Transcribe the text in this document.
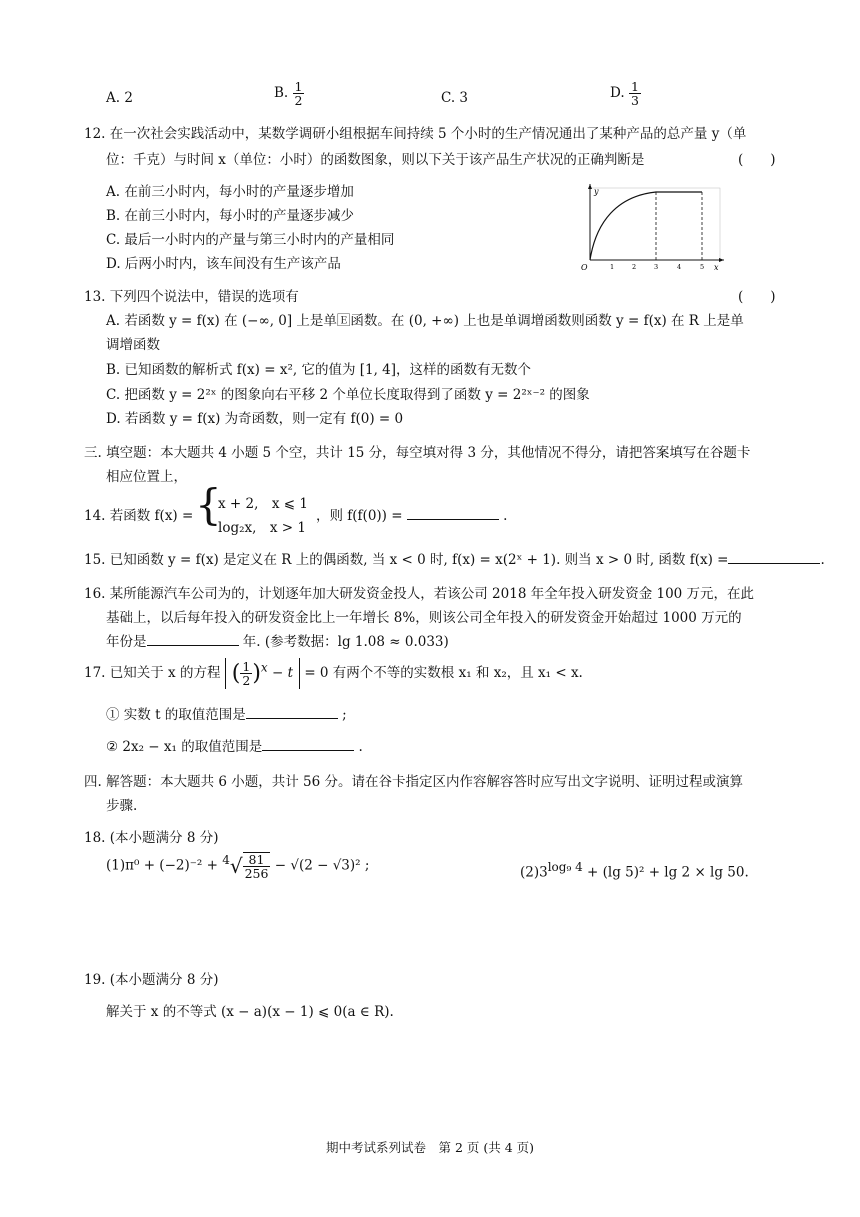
A. 2	B. $\frac{1}{2}$	C. 3	D. $\frac{1}{3}$
12. 在一次社会实践活动中，某数学调研小组根据车间持续 5 个小时的生产情况通出了某种产品的总产量 y（单
位：千克）与时间 x（单位：小时）的函数图象，则以下关于该产品生产状况的正确判断是	(　　)
A. 在前三小时内，每小时的产量逐步增加
B. 在前三小时内，每小时的产量逐步减少
C. 最后一小时内的产量与第三小时内的产量相同
D. 后两小时内，该车间没有生产该产品
y
x
O	1	2	3	4	5
13. 下列四个说法中，错误的选项有	(　　)
A. 若函数 y = f(x) 在 (−∞, 0] 上是单🄴函数。在 (0, +∞) 上也是单调增函数则函数 y = f(x) 在 R 上是单
调增函数
B. 已知函数的解析式 f(x) = x², 它的值为 [1, 4]，这样的函数有无数个
C. 把函数 y = 2²ˣ 的图象向右平移 2 个单位长度取得到了函数 y = 2²ˣ⁻² 的图象
D. 若函数 y = f(x) 为奇函数，则一定有 f(0) = 0
三. 填空题：本大题共 4 小题 5 个空，共计 15 分，每空填对得 3 分，其他情况不得分，请把答案填写在谷题卡
相应位置上，
14. 若函数 f(x) = {
x + 2,　x ⩽ 1
log₂x,　x > 1
，则 f(f(0)) =	.
15. 已知函数 y = f(x) 是定义在 R 上的偶函数, 当 x < 0 时, f(x) = x(2ˣ + 1). 则当 x > 0 时, 函数 f(x) =	.
16. 某所能源汽车公司为的，计划逐年加大研发资金投人，若该公司 2018 年全年投入研发资金 100 万元，在此
基础上，以后每年投入的研发资金比上一年增长 8%，则该公司全年投入的研发资金开始超过 1000 万元的
年份是	年. (参考数据：lg 1.08 ≈ 0.033)
17. 已知关于 x 的方程 ( $\frac{1}{2} )^x - t = 0$ 有两个不等的实数根 x₁ 和 x₂，且 x₁ < x.
① 实数 t 的取值范围是	;
② 2x₂ − x₁ 的取值范围是	.
四. 解答题：本大题共 6 小题，共计 56 分。请在谷卡指定区内作容解容答时应写出文字说明、证明过程或演算
步骤.
18. (本小题满分 8 分)
$(1)\pi^0 + (-2)^{-2} + ^4√ \frac{81}{256} - √(2 - √3)^2$ ;	$(2)3^{log_9 4} + (\lg$ 5)² + lg 2 × lg 50.
19. (本小题满分 8 分)
解关于 x 的不等式 (x − a)(x − 1) ⩽ 0(a ∈ R).
期中考试系列试卷　第 2 页 (共 4 页)
